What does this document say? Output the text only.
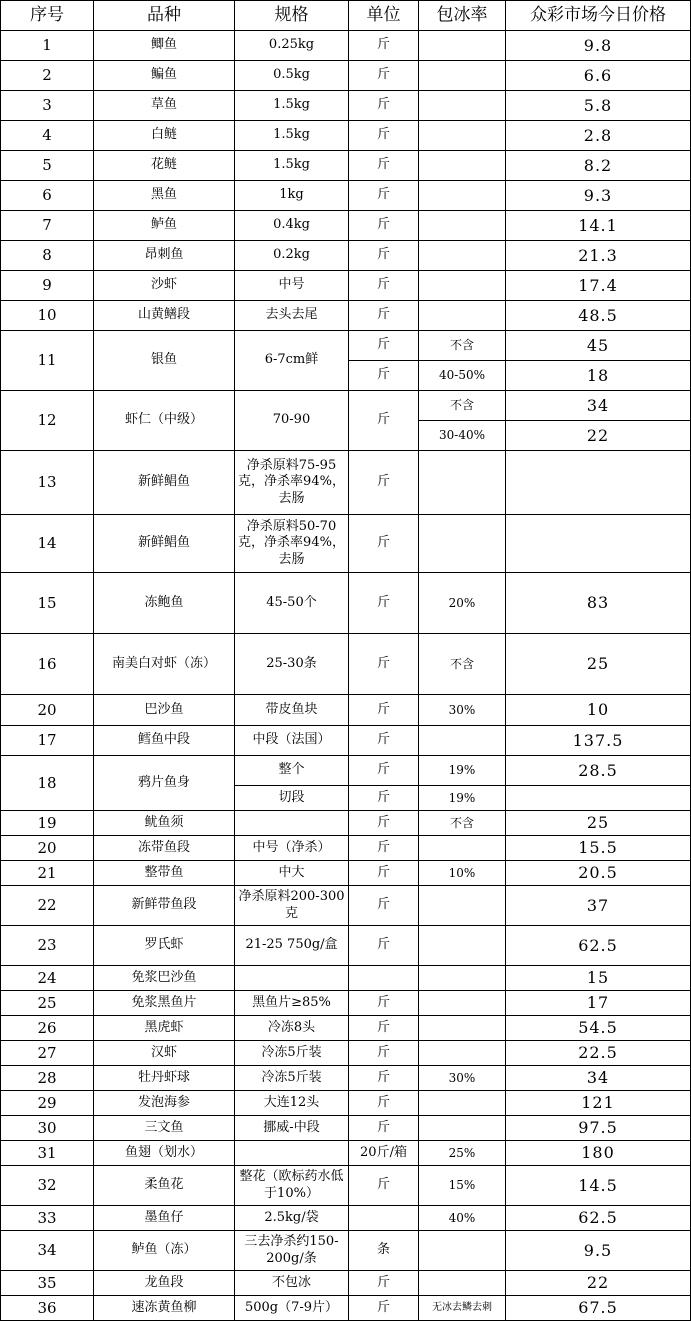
序号	品种	规格	单位	包冰率	众彩市场今日价格
1	鲫鱼	0.25kg	斤		9.8
2	鳊鱼	0.5kg	斤		6.6
3	草鱼	1.5kg	斤		5.8
4	白鲢	1.5kg	斤		2.8
5	花鲢	1.5kg	斤		8.2
6	黑鱼	1kg	斤		9.3
7	鲈鱼	0.4kg	斤		14.1
8	昂刺鱼	0.2kg	斤		21.3
9	沙虾	中号	斤		17.4
10	山黄鳝段	去头去尾	斤		48.5
11	银鱼	6-7cm鲜	斤	不含	45
			斤	40-50%	18
12	虾仁（中级）	70-90	斤	不含	34
				30-40%	22
13	新鲜鲳鱼	净杀原料75-95克，净杀率94%，去肠	斤		
14	新鲜鲳鱼	净杀原料50-70克，净杀率94%，去肠	斤		
15	冻鲍鱼	45-50个	斤	20%	83
16	南美白对虾（冻）	25-30条	斤	不含	25
20	巴沙鱼	带皮鱼块	斤	30%	10
17	鳕鱼中段	中段（法国）	斤		137.5
18	鸦片鱼身	整个	斤	19%	28.5
		切段	斤	19%	
19	鱿鱼须		斤	不含	25
20	冻带鱼段	中号（净杀）	斤		15.5
21	整带鱼	中大	斤	10%	20.5
22	新鲜带鱼段	净杀原料200-300克	斤		37
23	罗氏虾	21-25 750g/盒	斤		62.5
24	免浆巴沙鱼				15
25	免浆黑鱼片	黑鱼片≥85%	斤		17
26	黑虎虾	冷冻8头	斤		54.5
27	汉虾	冷冻5斤装	斤		22.5
28	牡丹虾球	冷冻5斤装	斤	30%	34
29	发泡海参	大连12头	斤		121
30	三文鱼	挪威-中段	斤		97.5
31	鱼翅（划水）		20斤/箱	25%	180
32	柔鱼花	整花（欧标药水低于10%）	斤	15%	14.5
33	墨鱼仔	2.5kg/袋		40%	62.5
34	鲈鱼（冻）	三去净杀约150-200g/条	条		9.5
35	龙鱼段	不包冰	斤		22
36	速冻黄鱼柳	500g（7-9片）	斤	无冰去鳞去刺	67.5
